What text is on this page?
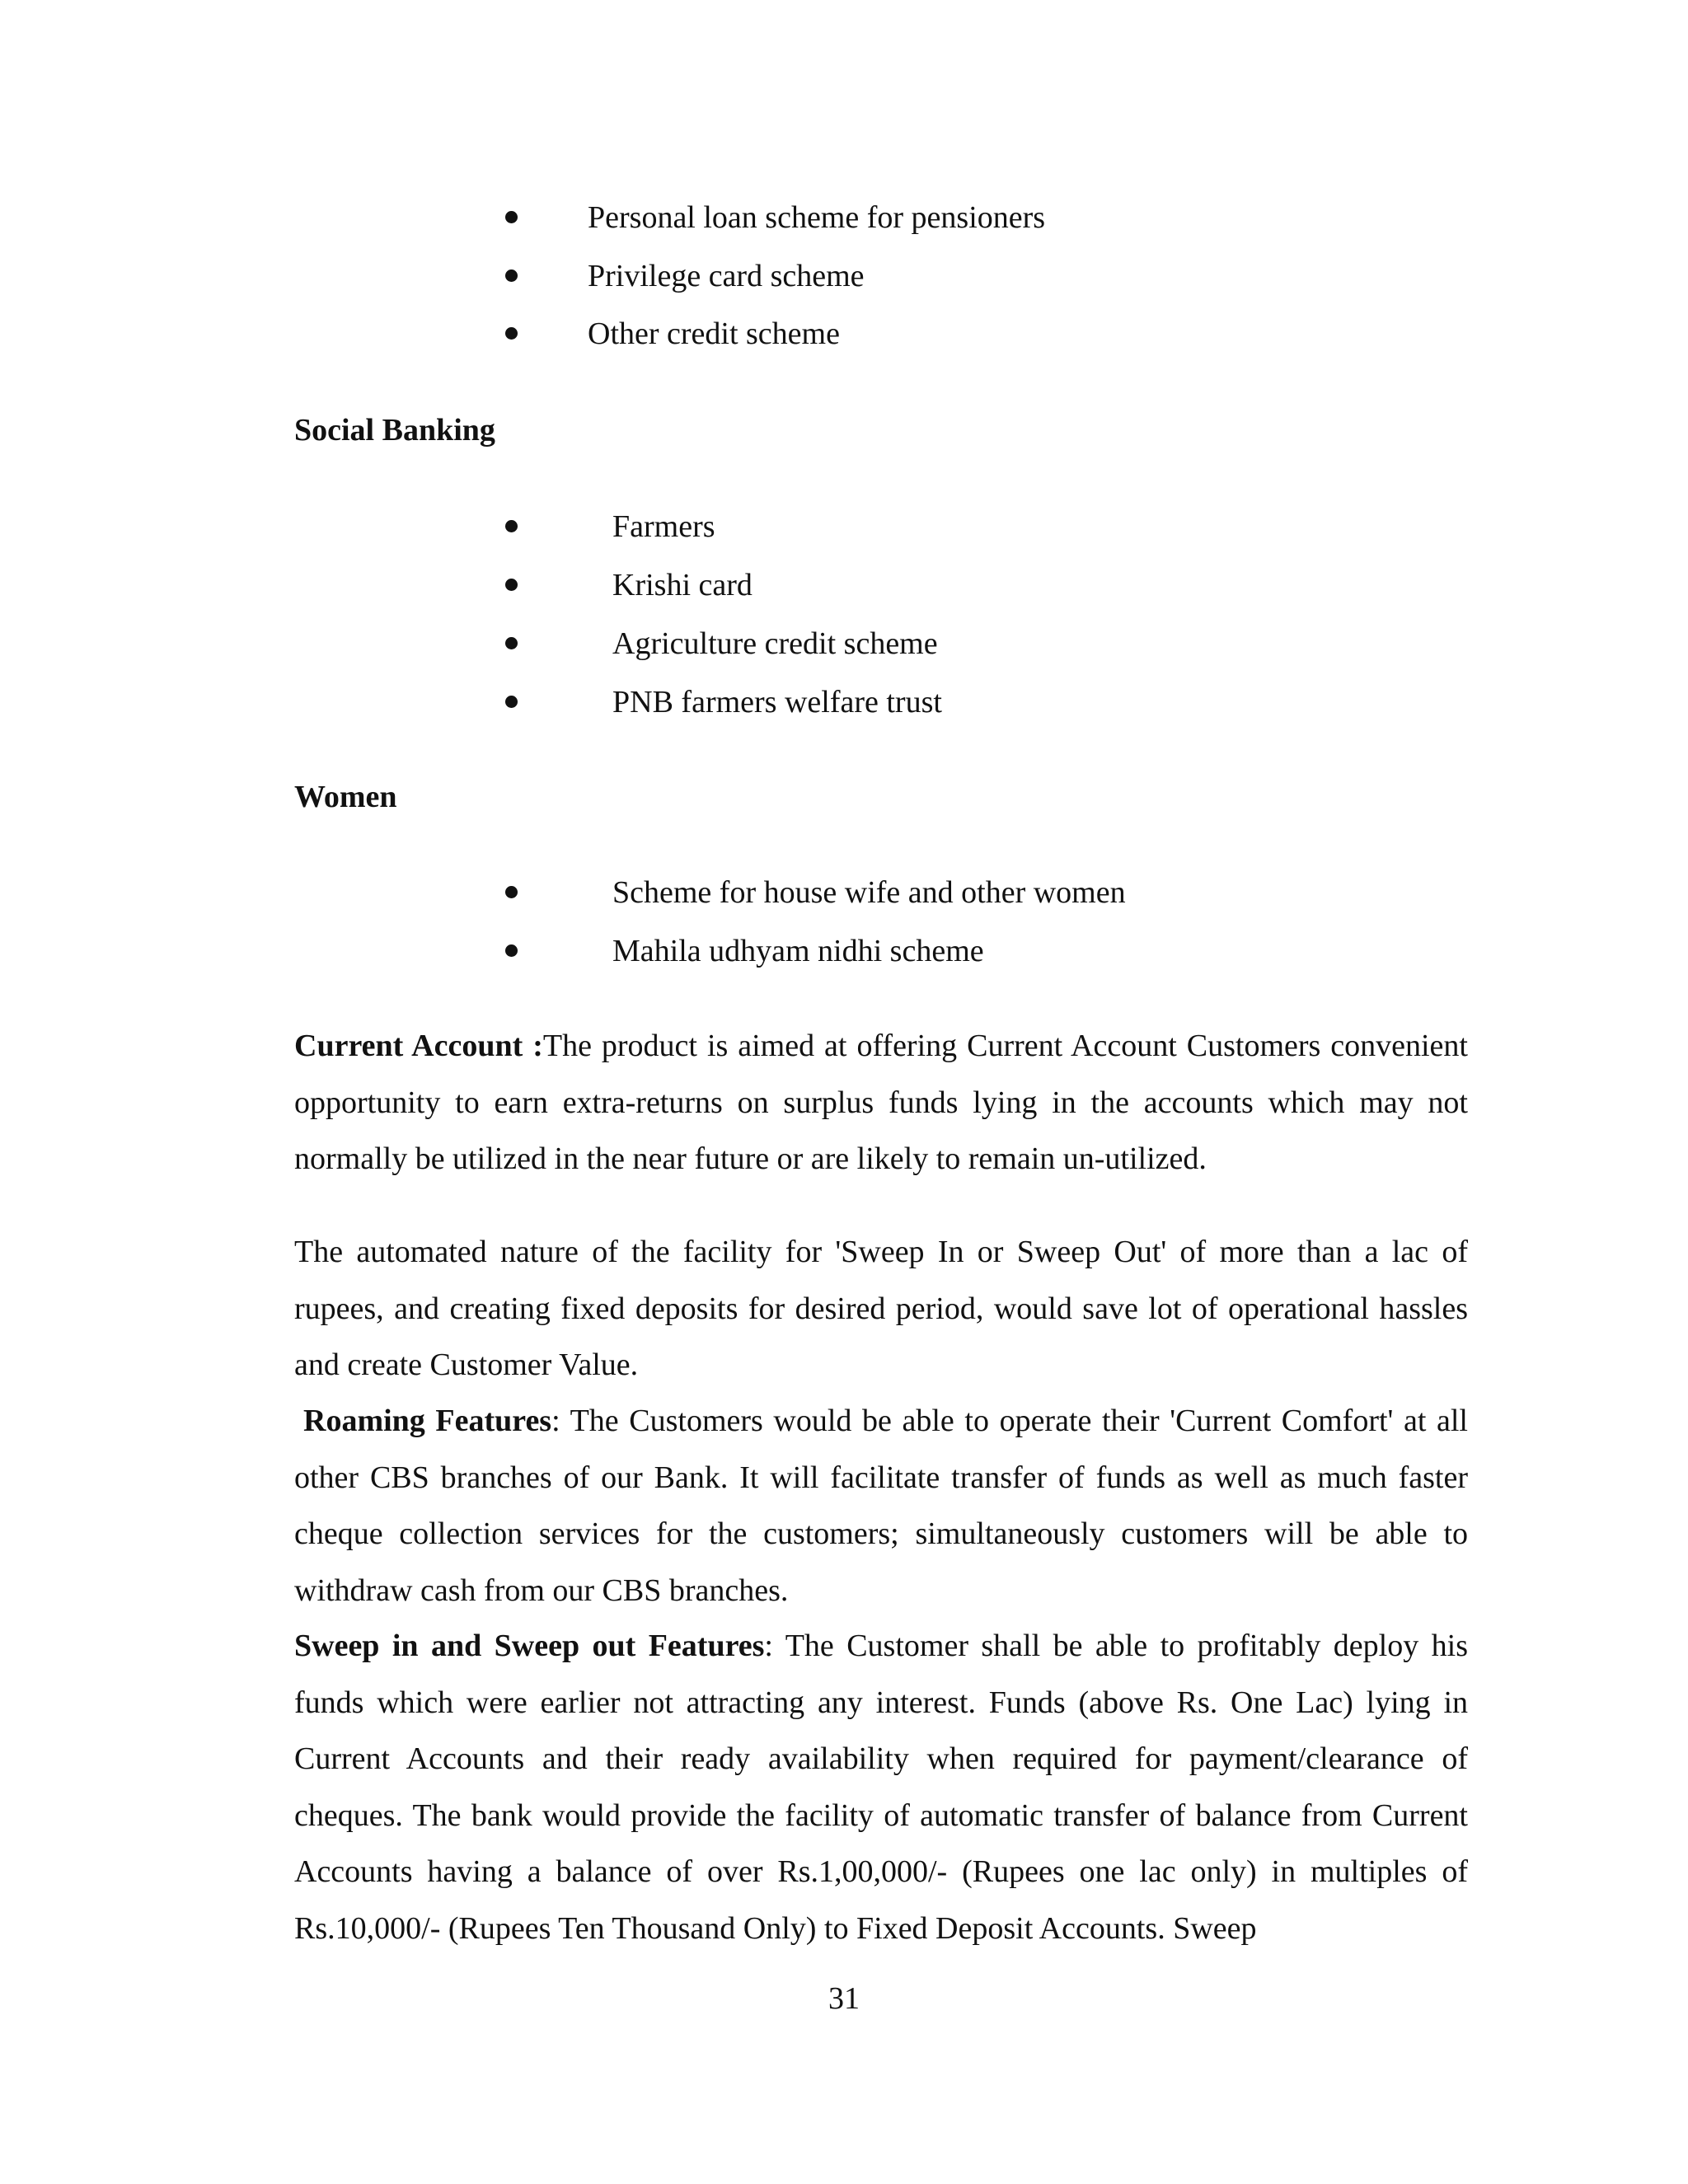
Personal loan scheme for pensioners
Privilege card scheme
Other credit scheme
Social Banking
Farmers
Krishi card
Agriculture credit scheme
PNB farmers welfare trust
Women
Scheme for house wife and other women
Mahila udhyam nidhi scheme
Current Account :The product is aimed at offering Current Account Customers convenient opportunity to earn extra-returns on surplus funds lying in the accounts which may not normally be utilized in the near future or are likely to remain un-utilized.
The automated nature of the facility for 'Sweep In or Sweep Out' of more than a lac of rupees, and creating fixed deposits for desired period, would save lot of operational hassles and create Customer Value.
Roaming Features: The Customers would be able to operate their 'Current Comfort' at all other CBS branches of our Bank. It will facilitate transfer of funds as well as much faster cheque collection services for the customers; simultaneously customers will be able to withdraw cash from our CBS branches.
Sweep in and Sweep out Features: The Customer shall be able to profitably deploy his funds which were earlier not attracting any interest. Funds (above Rs. One Lac) lying in Current Accounts and their ready availability when required for payment/clearance of cheques. The bank would provide the facility of automatic transfer of balance from Current Accounts having a balance of over Rs.1,00,000/- (Rupees one lac only) in multiples of Rs.10,000/- (Rupees Ten Thousand Only) to Fixed Deposit Accounts. Sweep
31
